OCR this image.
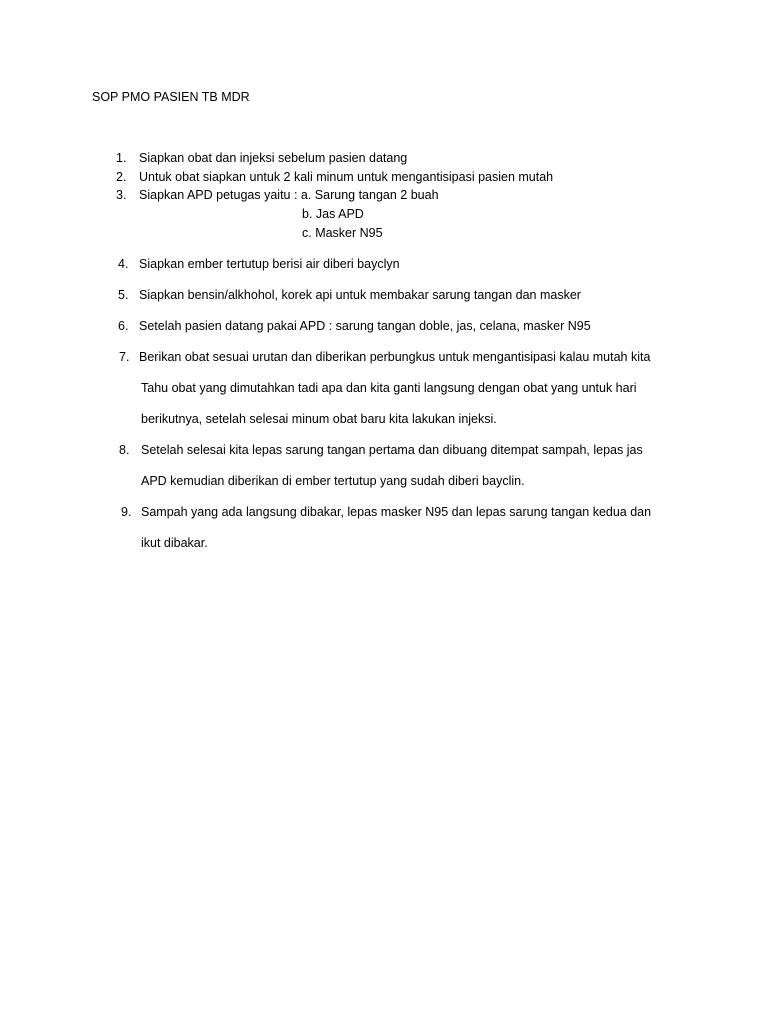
SOP PMO PASIEN TB MDR
1. Siapkan obat dan injeksi sebelum pasien datang
2. Untuk obat siapkan untuk 2 kali minum untuk mengantisipasi pasien mutah
3. Siapkan APD petugas yaitu : a. Sarung tangan 2 buah
b. Jas APD
c. Masker N95
4. Siapkan ember tertutup berisi air diberi bayclyn
5. Siapkan bensin/alkhohol, korek api untuk membakar sarung tangan dan masker
6. Setelah pasien datang pakai APD : sarung tangan doble, jas, celana, masker N95
7. Berikan obat sesuai urutan dan diberikan perbungkus untuk mengantisipasi kalau mutah kita
Tahu obat yang dimutahkan tadi apa dan kita ganti langsung dengan obat yang untuk hari
berikutnya, setelah selesai minum obat baru kita lakukan injeksi.
8. Setelah selesai kita lepas sarung tangan pertama dan dibuang ditempat sampah, lepas jas
APD kemudian diberikan di ember tertutup yang sudah diberi bayclin.
9. Sampah yang ada langsung dibakar, lepas masker N95 dan lepas sarung tangan kedua dan
ikut dibakar.
